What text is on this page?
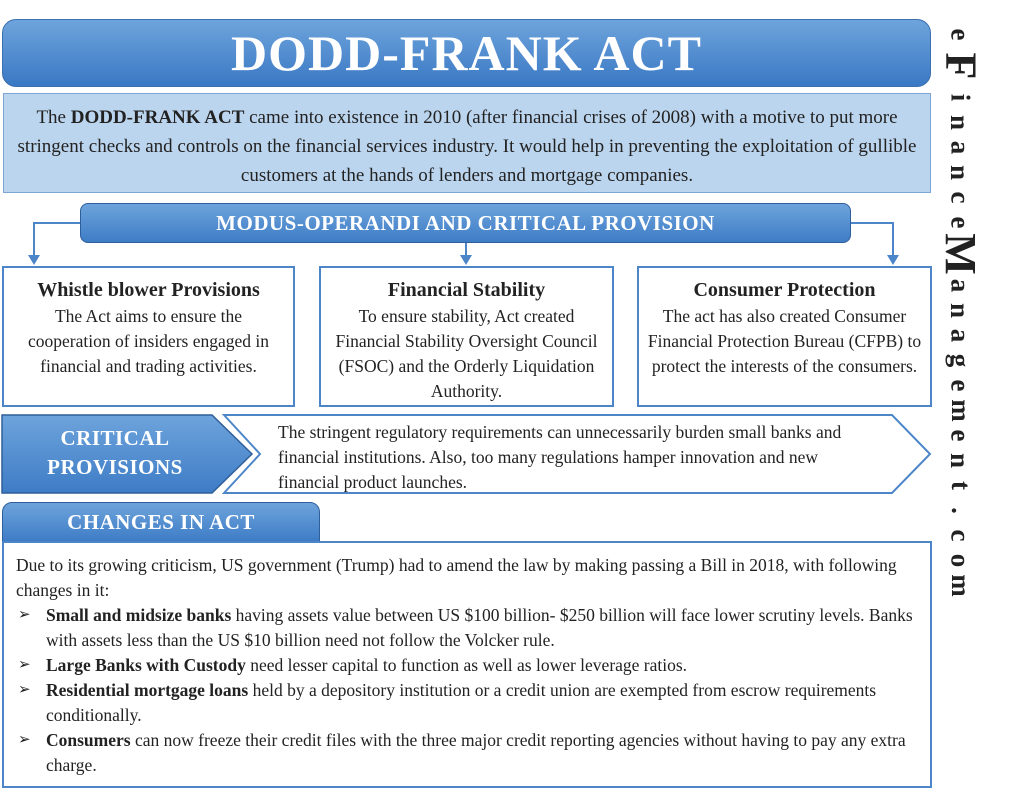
DODD-FRANK ACT
The DODD-FRANK ACT came into existence in 2010 (after financial crises of 2008) with a motive to put more stringent checks and controls on the financial services industry. It would help in preventing the exploitation of gullible customers at the hands of lenders and mortgage companies.
MODUS-OPERANDI AND CRITICAL PROVISION
Whistle blower Provisions
The Act aims to ensure the cooperation of insiders engaged in financial and trading activities.
Financial Stability
To ensure stability, Act created Financial Stability Oversight Council (FSOC) and the Orderly Liquidation Authority.
Consumer Protection
The act has also created Consumer Financial Protection Bureau (CFPB) to protect the interests of the consumers.
CRITICAL
PROVISIONS
The stringent regulatory requirements can unnecessarily burden small banks and financial institutions. Also, too many regulations hamper innovation and new financial product launches.
CHANGES IN ACT
Due to its growing criticism, US government (Trump) had to amend the law by making passing a Bill in 2018, with following changes in it:
➢ Small and midsize banks having assets value between US $100 billion- $250 billion will face lower scrutiny levels. Banks with assets less than the US $10 billion need not follow the Volcker rule.
➢ Large Banks with Custody need lesser capital to function as well as lower leverage ratios.
➢ Residential mortgage loans held by a depository institution or a credit union are exempted from escrow requirements conditionally.
➢ Consumers can now freeze their credit files with the three major credit reporting agencies without having to pay any extra charge.
e
F
i
n
a
n
c
e
M
a
n
a
g
e
m
e
n
t
.
c
o
m
